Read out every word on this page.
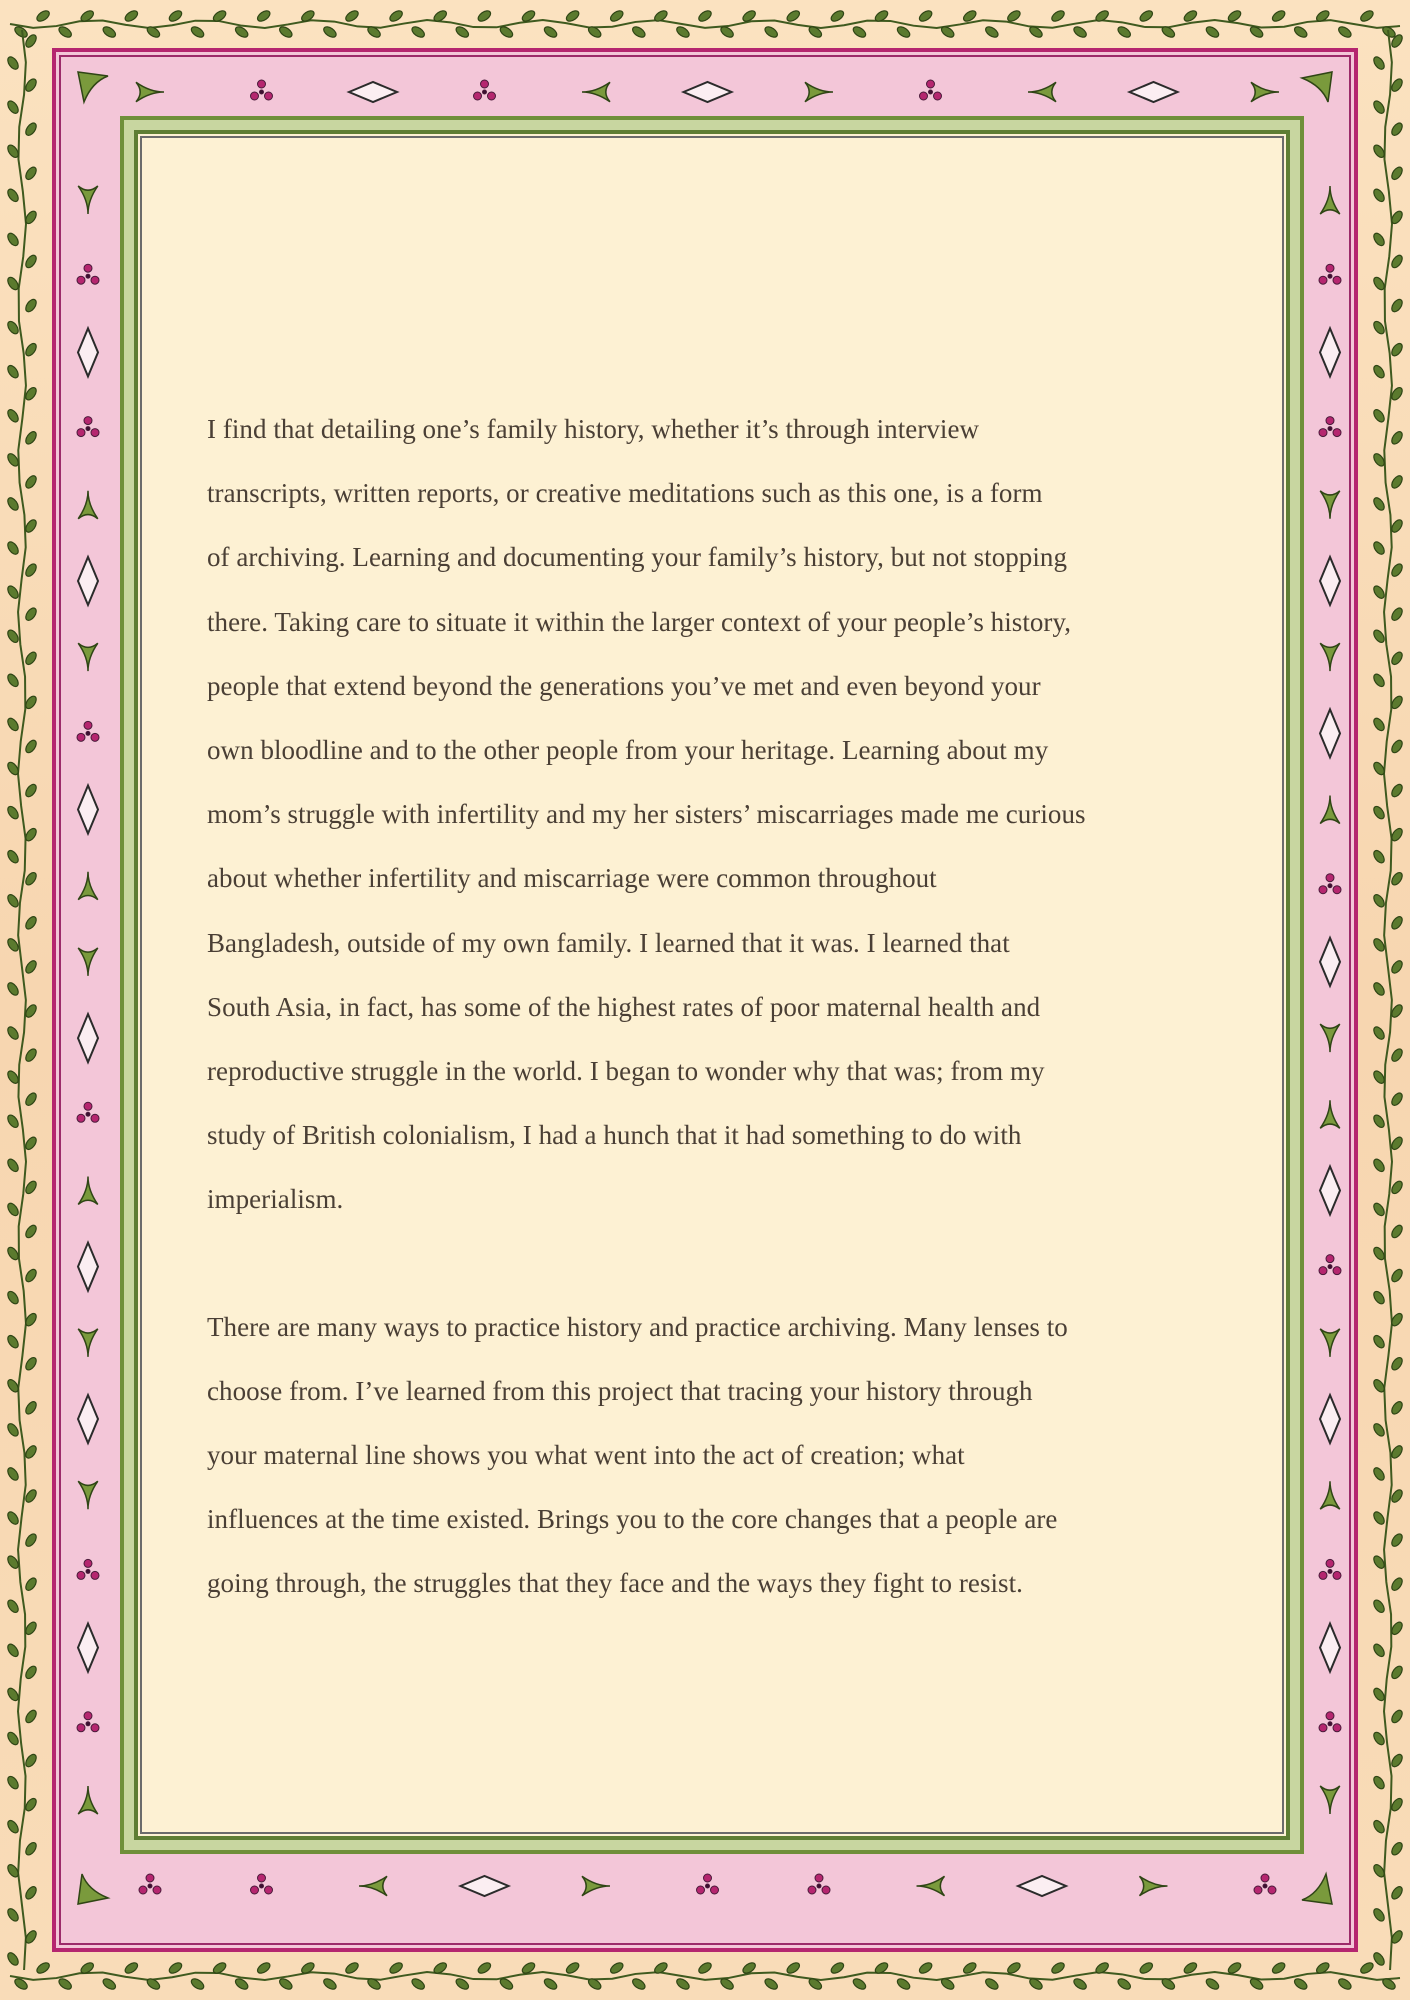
I find that detailing one’s family history, whether it’s through interview
transcripts, written reports, or creative meditations such as this one, is a form
of archiving. Learning and documenting your family’s history, but not stopping
there. Taking care to situate it within the larger context of your people’s history,
people that extend beyond the generations you’ve met and even beyond your
own bloodline and to the other people from your heritage. Learning about my
mom’s struggle with infertility and my her sisters’ miscarriages made me curious
about whether infertility and miscarriage were common throughout
Bangladesh, outside of my own family. I learned that it was. I learned that
South Asia, in fact, has some of the highest rates of poor maternal health and
reproductive struggle in the world. I began to wonder why that was; from my
study of British colonialism, I had a hunch that it had something to do with
imperialism.
There are many ways to practice history and practice archiving. Many lenses to
choose from. I’ve learned from this project that tracing your history through
your maternal line shows you what went into the act of creation; what
influences at the time existed. Brings you to the core changes that a people are
going through, the struggles that they face and the ways they fight to resist.
